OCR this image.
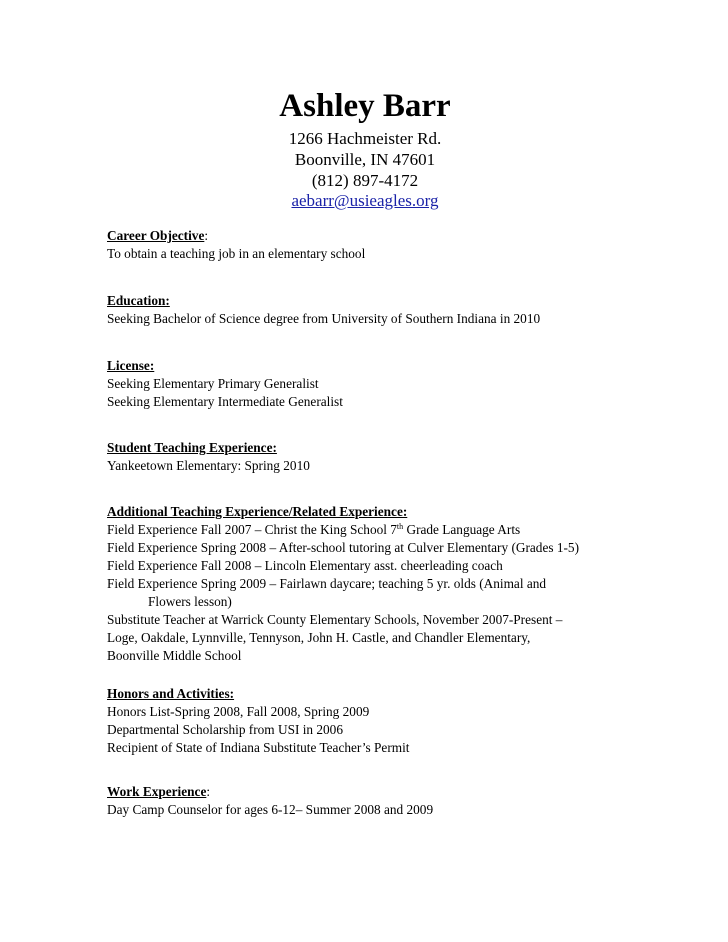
Ashley Barr
1266 Hachmeister Rd.
Boonville, IN 47601
(812) 897-4172
aebarr@usieagles.org
Career Objective:
To obtain a teaching job in an elementary school
Education:
Seeking Bachelor of Science degree from University of Southern Indiana in 2010
License:
Seeking Elementary Primary Generalist
Seeking Elementary Intermediate Generalist
Student Teaching Experience:
Yankeetown Elementary: Spring 2010
Additional Teaching Experience/Related Experience:
Field Experience Fall 2007 – Christ the King School 7th Grade Language Arts
Field Experience Spring 2008 – After-school tutoring at Culver Elementary (Grades 1-5)
Field Experience Fall 2008 – Lincoln Elementary asst. cheerleading coach
Field Experience Spring 2009 – Fairlawn daycare; teaching 5 yr. olds (Animal and
Flowers lesson)
Substitute Teacher at Warrick County Elementary Schools, November 2007-Present –
Loge, Oakdale, Lynnville, Tennyson, John H. Castle, and Chandler Elementary,
Boonville Middle School
Honors and Activities:
Honors List-Spring 2008, Fall 2008, Spring 2009
Departmental Scholarship from USI in 2006
Recipient of State of Indiana Substitute Teacher’s Permit
Work Experience:
Day Camp Counselor for ages 6-12– Summer 2008 and 2009
